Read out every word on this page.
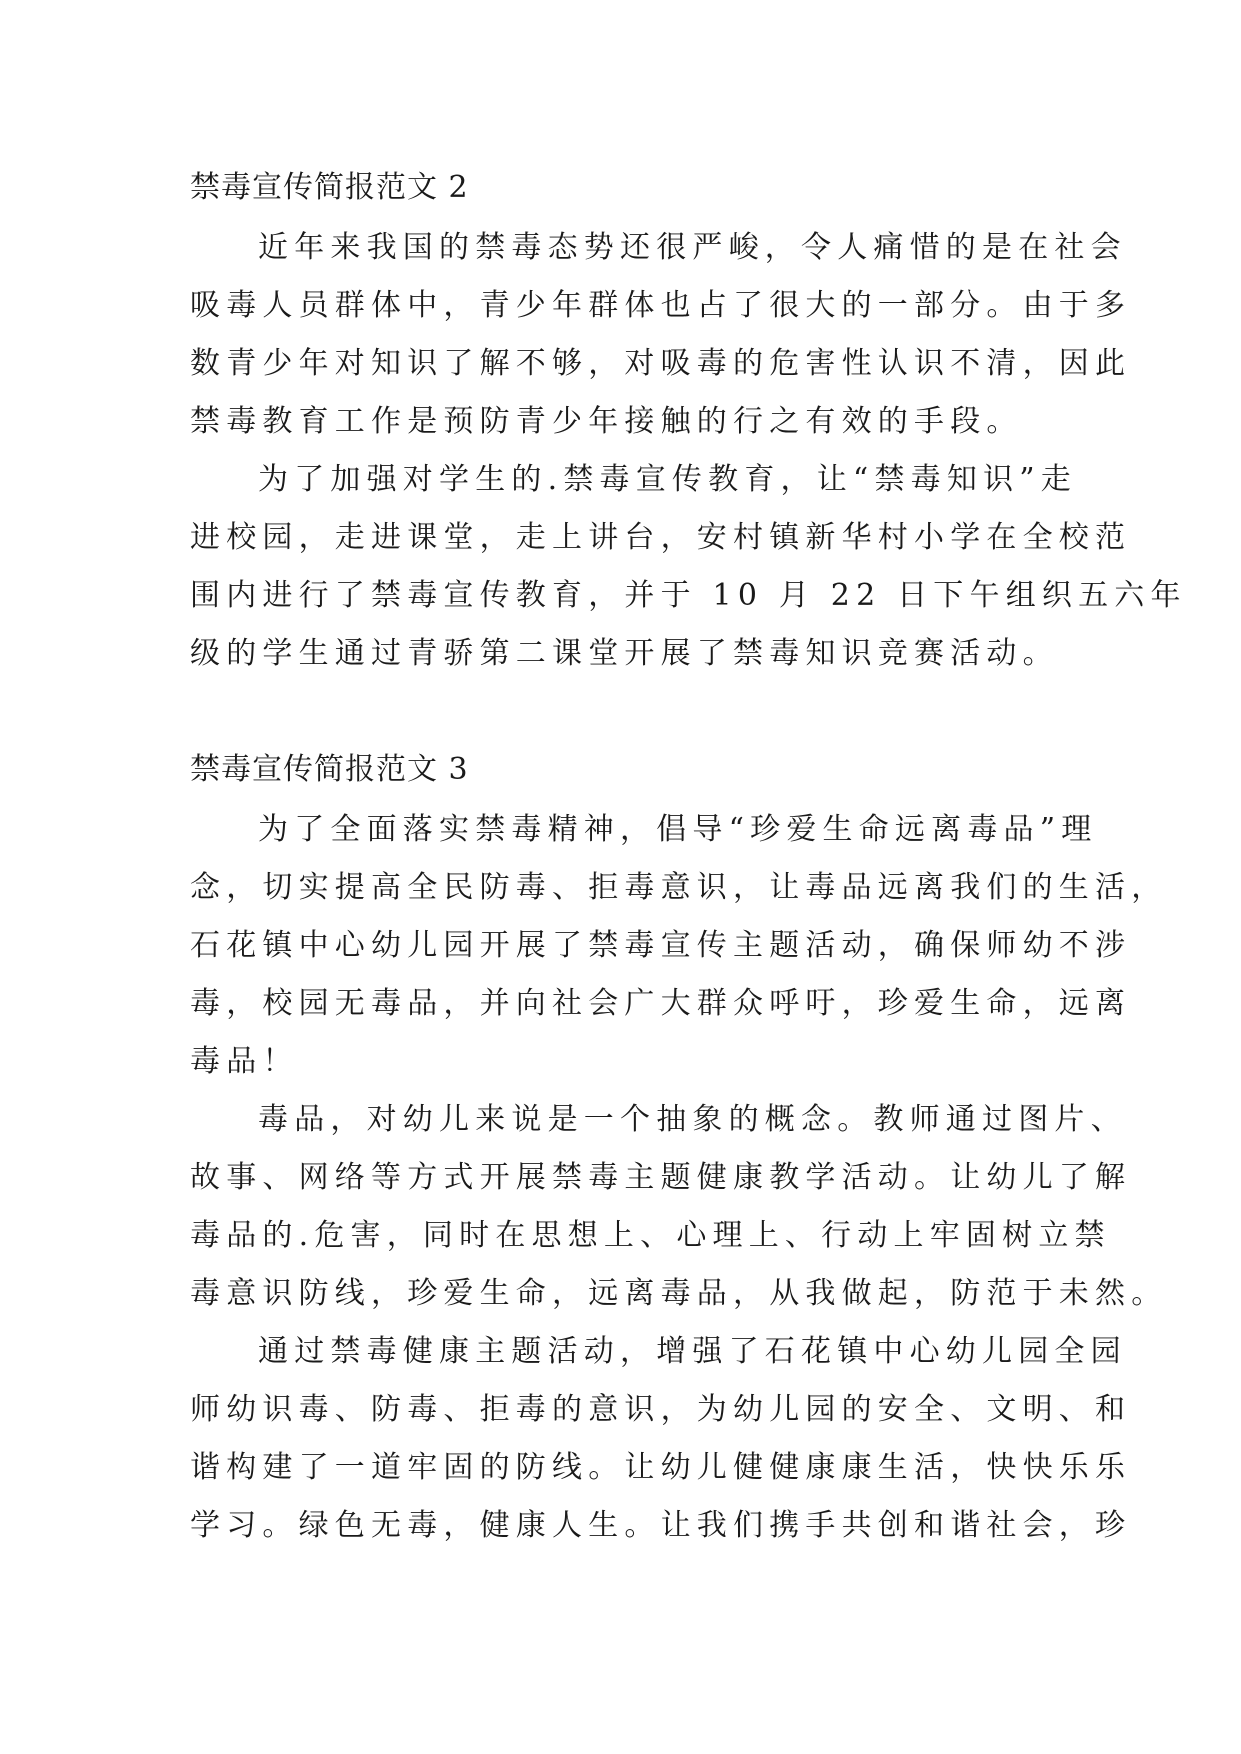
禁毒宣传简报范文 2
近年来我国的禁毒态势还很严峻，令人痛惜的是在社会
吸毒人员群体中，青少年群体也占了很大的一部分。由于多
数青少年对知识了解不够，对吸毒的危害性认识不清，因此
禁毒教育工作是预防青少年接触的行之有效的手段。
为了加强对学生的.禁毒宣传教育，让“禁毒知识”走
进校园，走进课堂，走上讲台，安村镇新华村小学在全校范
围内进行了禁毒宣传教育，并于 10 月 22 日下午组织五六年
级的学生通过青骄第二课堂开展了禁毒知识竞赛活动。
禁毒宣传简报范文 3
为了全面落实禁毒精神，倡导“珍爱生命远离毒品”理
念，切实提高全民防毒、拒毒意识，让毒品远离我们的生活，
石花镇中心幼儿园开展了禁毒宣传主题活动，确保师幼不涉
毒，校园无毒品，并向社会广大群众呼吁，珍爱生命，远离
毒品！
毒品，对幼儿来说是一个抽象的概念。教师通过图片、
故事、网络等方式开展禁毒主题健康教学活动。让幼儿了解
毒品的.危害，同时在思想上、心理上、行动上牢固树立禁
毒意识防线，珍爱生命，远离毒品，从我做起，防范于未然。
通过禁毒健康主题活动，增强了石花镇中心幼儿园全园
师幼识毒、防毒、拒毒的意识，为幼儿园的安全、文明、和
谐构建了一道牢固的防线。让幼儿健健康康生活，快快乐乐
学习。绿色无毒，健康人生。让我们携手共创和谐社会，珍
